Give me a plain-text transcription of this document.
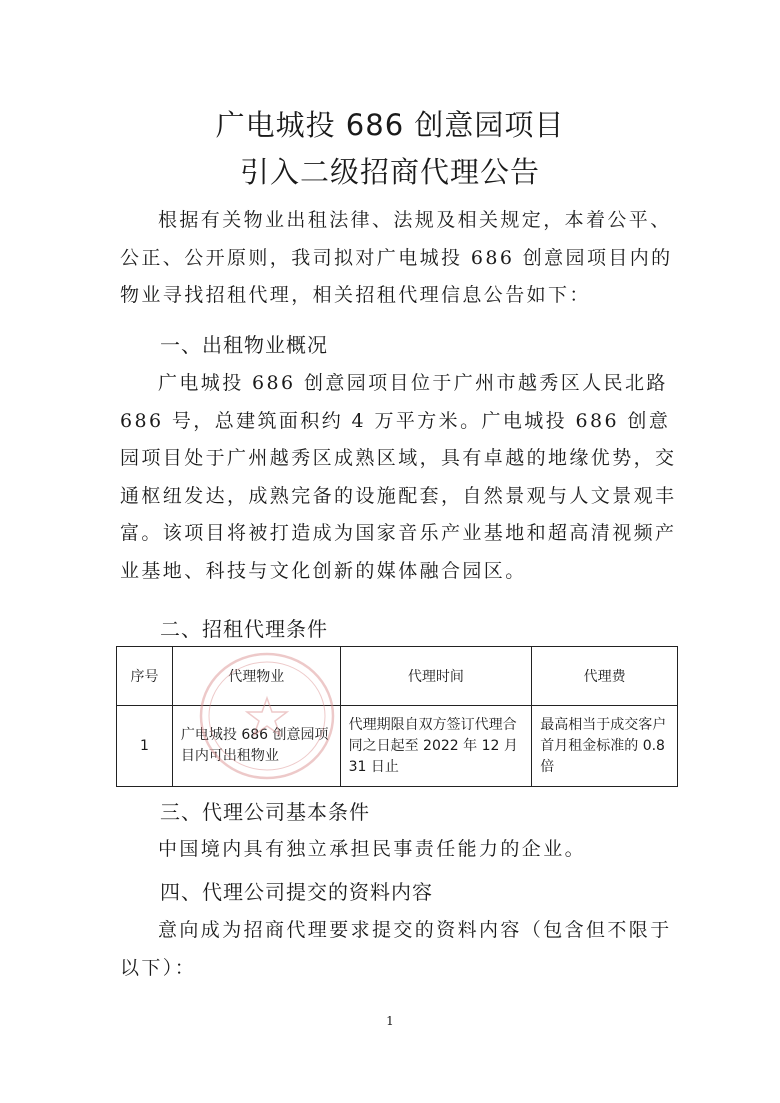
广电城投 686 创意园项目
引入二级招商代理公告

根据有关物业出租法律、法规及相关规定，本着公平、公正、公开原则，我司拟对广电城投 686 创意园项目内的物业寻找招租代理，相关招租代理信息公告如下：

一、出租物业概况

广电城投 686 创意园项目位于广州市越秀区人民北路 686 号，总建筑面积约 4 万平方米。广电城投 686 创意园项目处于广州越秀区成熟区域，具有卓越的地缘优势，交通枢纽发达，成熟完备的设施配套，自然景观与人文景观丰富。该项目将被打造成为国家音乐产业基地和超高清视频产业基地、科技与文化创新的媒体融合园区。

二、招租代理条件
序号	代理物业	代理时间	代理费
1	广电城投 686 创意园项目内可出租物业	代理期限自双方签订代理合同之日起至 2022 年 12 月 31 日止	最高相当于成交客户首月租金标准的 0.8 倍
三、代理公司基本条件

中国境内具有独立承担民事责任能力的企业。

四、代理公司提交的资料内容

意向成为招商代理要求提交的资料内容（包含但不限于以下）：

1
